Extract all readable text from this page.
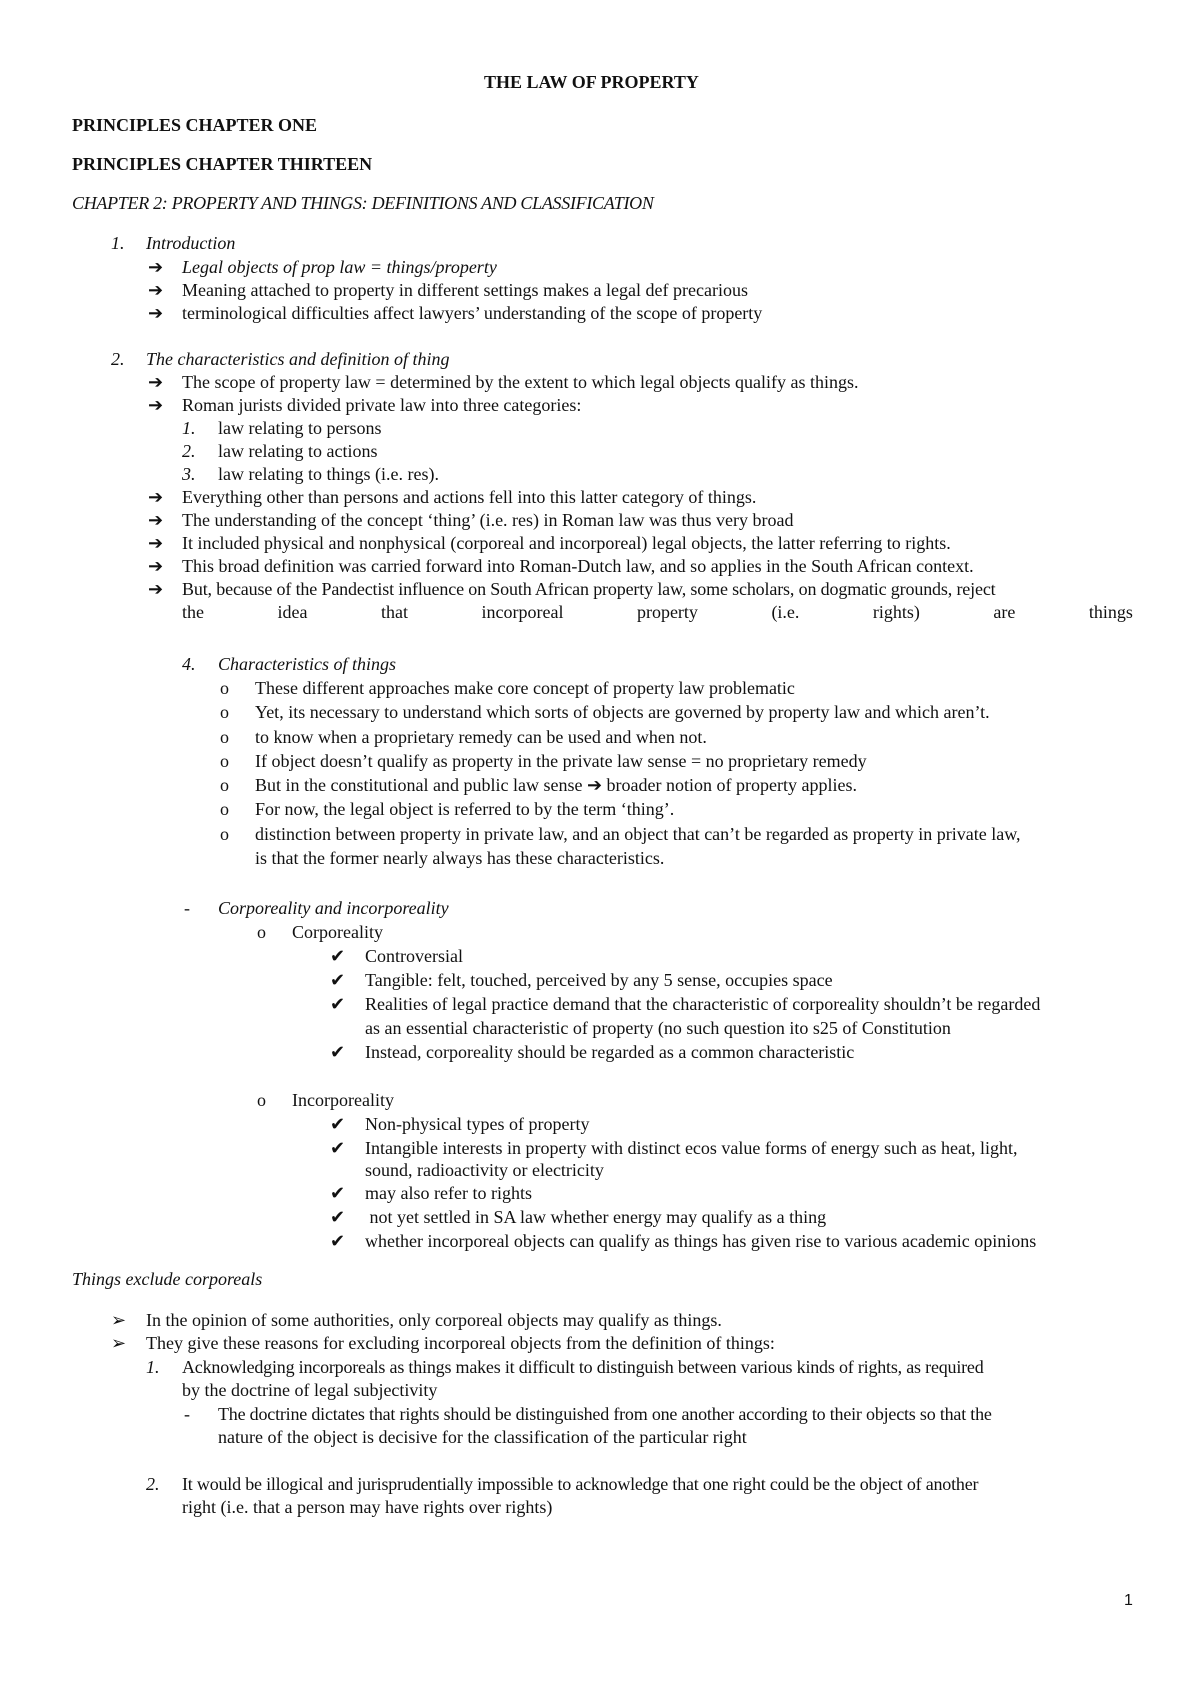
THE LAW OF PROPERTY
PRINCIPLES CHAPTER ONE
PRINCIPLES CHAPTER THIRTEEN
CHAPTER 2: PROPERTY AND THINGS: DEFINITIONS AND CLASSIFICATION
1. Introduction
➔ Legal objects of prop law = things/property
➔ Meaning attached to property in different settings makes a legal def precarious
➔ terminological difficulties affect lawyers’ understanding of the scope of property
2. The characteristics and definition of thing
➔ The scope of property law = determined by the extent to which legal objects qualify as things.
➔ Roman jurists divided private law into three categories:
1. law relating to persons
2. law relating to actions
3. law relating to things (i.e. res).
➔ Everything other than persons and actions fell into this latter category of things.
➔ The understanding of the concept ‘thing’ (i.e. res) in Roman law was thus very broad
➔ It included physical and nonphysical (corporeal and incorporeal) legal objects, the latter referring to rights.
➔ This broad definition was carried forward into Roman-Dutch law, and so applies in the South African context.
➔ But, because of the Pandectist influence on South African property law, some scholars, on dogmatic grounds, reject
the	idea	that	incorporeal	property	(i.e.	rights)	are	things
4. Characteristics of things
o These different approaches make core concept of property law problematic
o Yet, its necessary to understand which sorts of objects are governed by property law and which aren’t.
o to know when a proprietary remedy can be used and when not.
o If object doesn’t qualify as property in the private law sense = no proprietary remedy
o But in the constitutional and public law sense ➔ broader notion of property applies.
o For now, the legal object is referred to by the term ‘thing’.
o distinction between property in private law, and an object that can’t be regarded as property in private law,
is that the former nearly always has these characteristics.
- Corporeality and incorporeality
o Corporeality
✔ Controversial
✔ Tangible: felt, touched, perceived by any 5 sense, occupies space
✔ Realities of legal practice demand that the characteristic of corporeality shouldn’t be regarded
as an essential characteristic of property (no such question ito s25 of Constitution
✔ Instead, corporeality should be regarded as a common characteristic
o Incorporeality
✔ Non-physical types of property
✔ Intangible interests in property with distinct ecos value forms of energy such as heat, light,
sound, radioactivity or electricity
✔ may also refer to rights
✔ not yet settled in SA law whether energy may qualify as a thing
✔ whether incorporeal objects can qualify as things has given rise to various academic opinions
Things exclude corporeals
➢ In the opinion of some authorities, only corporeal objects may qualify as things.
➢ They give these reasons for excluding incorporeal objects from the definition of things:
1. Acknowledging incorporeals as things makes it difficult to distinguish between various kinds of rights, as required
by the doctrine of legal subjectivity
- The doctrine dictates that rights should be distinguished from one another according to their objects so that the
nature of the object is decisive for the classification of the particular right
2. It would be illogical and jurisprudentially impossible to acknowledge that one right could be the object of another
right (i.e. that a person may have rights over rights)
1
